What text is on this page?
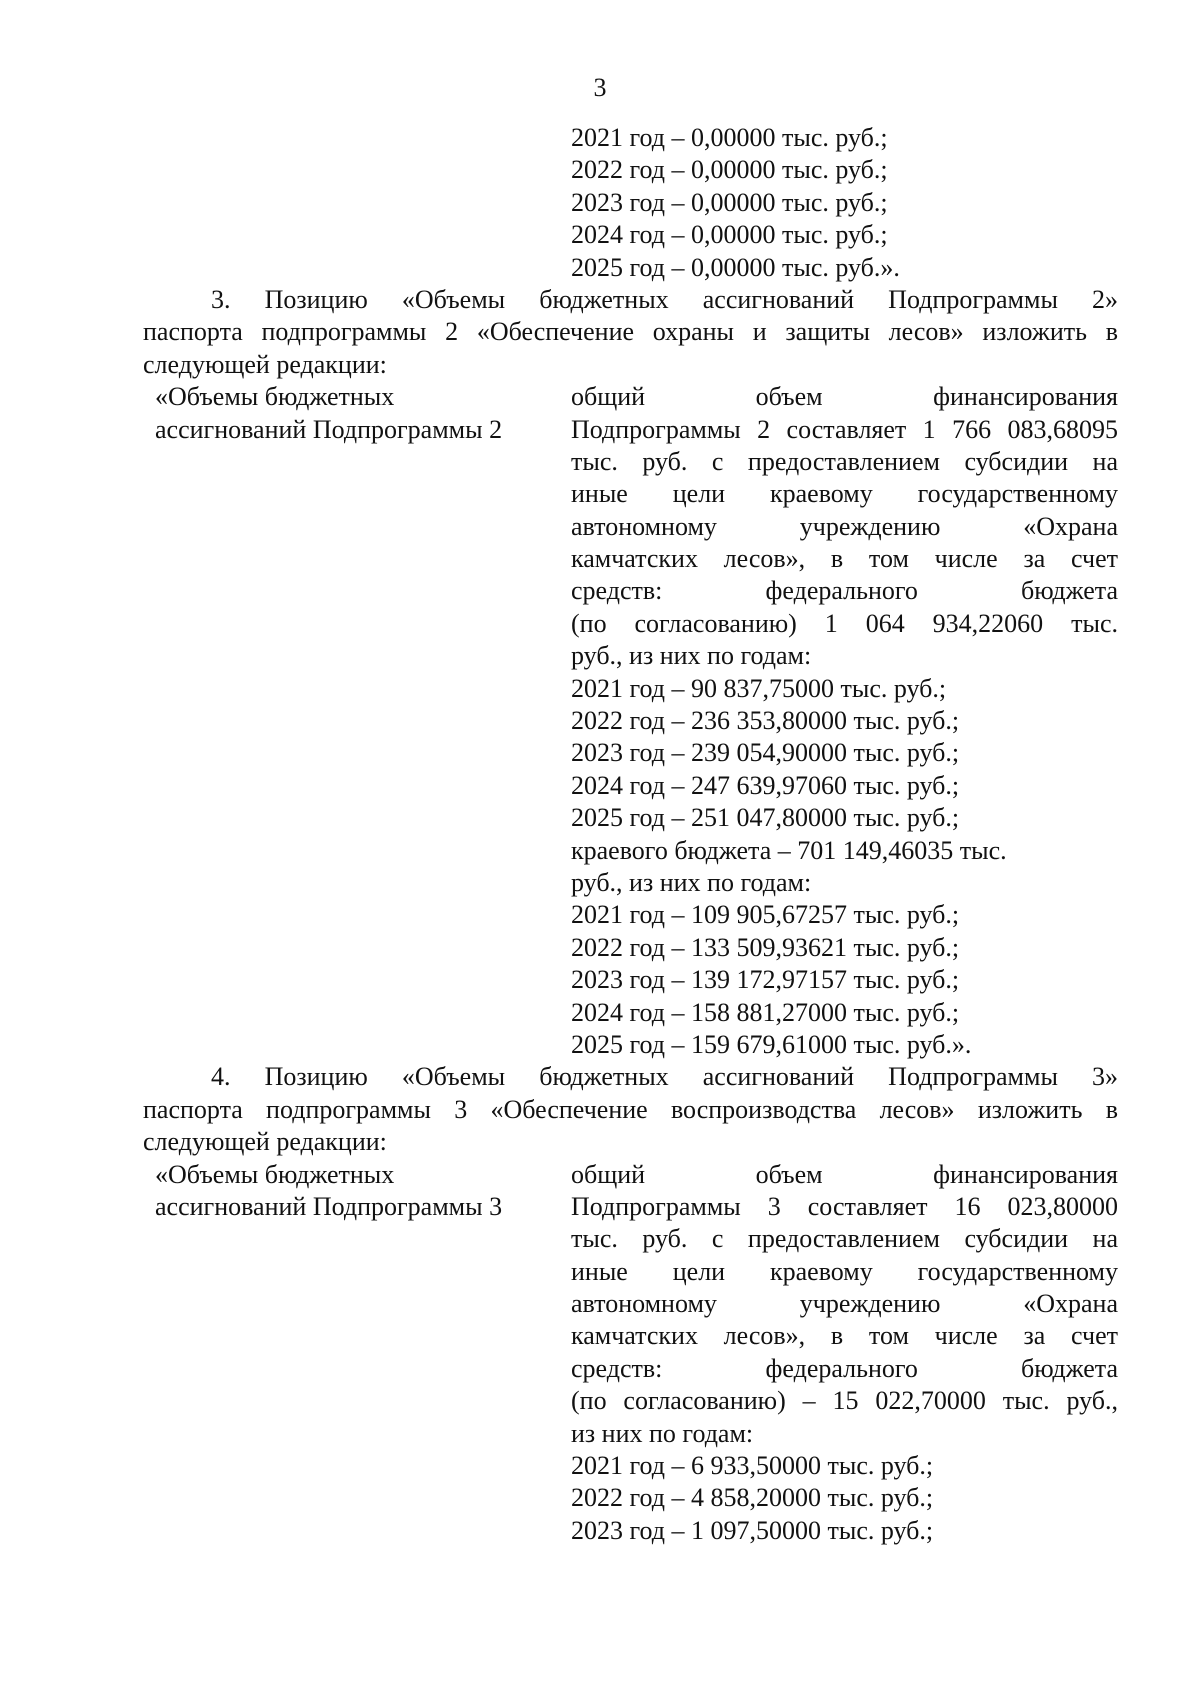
3
2021 год – 0,00000 тыс. руб.;
2022 год – 0,00000 тыс. руб.;
2023 год – 0,00000 тыс. руб.;
2024 год – 0,00000 тыс. руб.;
2025 год – 0,00000 тыс. руб.».
3. Позицию «Объемы бюджетных ассигнований Подпрограммы 2»
паспорта подпрограммы 2 «Обеспечение охраны и защиты лесов» изложить в
следующей редакции:
«Объемы бюджетных
ассигнований Подпрограммы 2
общий объем финансирования
Подпрограммы 2 составляет 1 766 083,68095
тыс. руб. с предоставлением субсидии на
иные цели краевому государственному
автономному учреждению «Охрана
камчатских лесов», в том числе за счет
средств: федерального бюджета
(по согласованию) 1 064 934,22060 тыс.
руб., из них по годам:
2021 год – 90 837,75000 тыс. руб.;
2022 год – 236 353,80000 тыс. руб.;
2023 год – 239 054,90000 тыс. руб.;
2024 год – 247 639,97060 тыс. руб.;
2025 год – 251 047,80000 тыс. руб.;
краевого бюджета – 701 149,46035 тыс.
руб., из них по годам:
2021 год – 109 905,67257 тыс. руб.;
2022 год – 133 509,93621 тыс. руб.;
2023 год – 139 172,97157 тыс. руб.;
2024 год – 158 881,27000 тыс. руб.;
2025 год – 159 679,61000 тыс. руб.».
4. Позицию «Объемы бюджетных ассигнований Подпрограммы 3»
паспорта подпрограммы 3 «Обеспечение воспроизводства лесов» изложить в
следующей редакции:
«Объемы бюджетных
ассигнований Подпрограммы 3
общий объем финансирования
Подпрограммы 3 составляет 16 023,80000
тыс. руб. с предоставлением субсидии на
иные цели краевому государственному
автономному учреждению «Охрана
камчатских лесов», в том числе за счет
средств: федерального бюджета
(по согласованию) – 15 022,70000 тыс. руб.,
из них по годам:
2021 год – 6 933,50000 тыс. руб.;
2022 год – 4 858,20000 тыс. руб.;
2023 год – 1 097,50000 тыс. руб.;
